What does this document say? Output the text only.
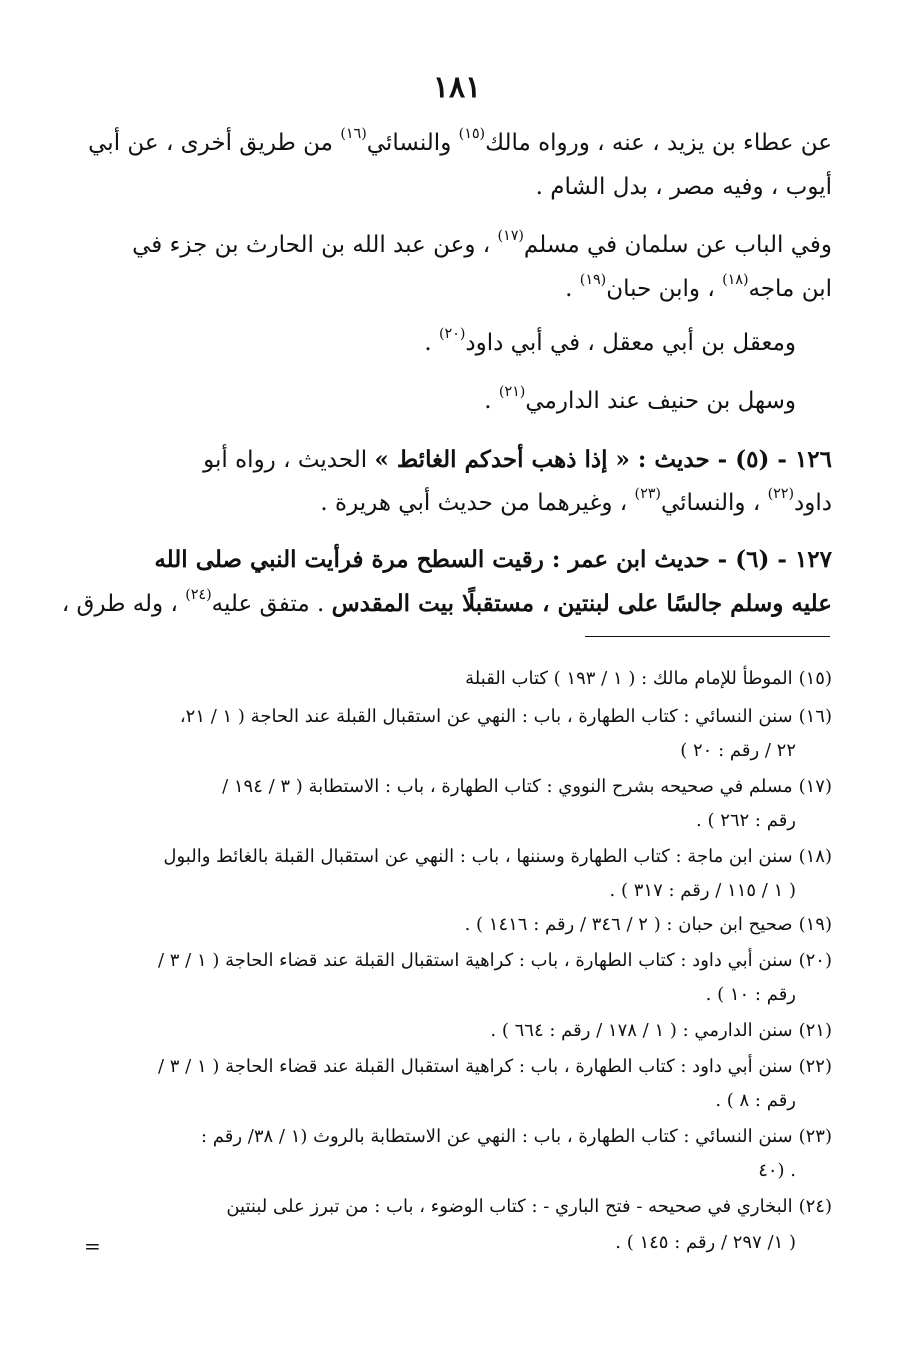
١٨١
عن عطاء بن يزيد ، عنه ، ورواه مالك$^{(١٥)}$ والنسائي$^{(١٦)}$ من طريق أخرى ، عن أبي
أيوب ، وفيه مصر ، بدل الشام .
وفي الباب عن سلمان في مسلم$^{(١٧)}$ ، وعن عبد الله بن الحارث بن جزء في
ابن ماجه$^{(١٨)}$ ، وابن حبان$^{(١٩)}$ .
ومعقل بن أبي معقل ، في أبي داود$^{(٢٠)}$ .
وسهل بن حنيف عند الدارمي$^{(٢١)}$ .
١٢٦ - (٥) - حديث : « إذا ذهب أحدكم الغائط » الحديث ، رواه أبو
داود$^{(٢٢)}$ ، والنسائي$^{(٢٣)}$ ، وغيرهما من حديث أبي هريرة .
١٢٧ - (٦) - حديث ابن عمر : رقيت السطح مرة فرأيت النبي صلى الله
عليه وسلم جالسًا على لبنتين ، مستقبلًا بيت المقدس . متفق عليه$^{(٢٤)}$ ، وله طرق ،
(١٥)الموطأ للإمام مالك : ( ١ / ١٩٣ ) كتاب القبلة
(١٦)سنن النسائي : كتاب الطهارة ، باب : النهي عن استقبال القبلة عند الحاجة ( ١ / ٢١،
٢٢ / رقم : ٢٠ )
(١٧)مسلم في صحيحه بشرح النووي : كتاب الطهارة ، باب : الاستطابة ( ٣ / ١٩٤ /
رقم : ٢٦٢ ) .
(١٨)سنن ابن ماجة : كتاب الطهارة وسننها ، باب : النهي عن استقبال القبلة بالغائط والبول
( ١ / ١١٥ / رقم : ٣١٧ ) .
(١٩)صحيح ابن حبان : ( ٢ / ٣٤٦ / رقم : ١٤١٦ ) .
(٢٠)سنن أبي داود : كتاب الطهارة ، باب : كراهية استقبال القبلة عند قضاء الحاجة ( ١ / ٣ /
رقم : ١٠ ) .
(٢١)سنن الدارمي : ( ١ / ١٧٨ / رقم : ٦٦٤ ) .
(٢٢)سنن أبي داود : كتاب الطهارة ، باب : كراهية استقبال القبلة عند قضاء الحاجة ( ١ / ٣ /
رقم : ٨ ) .
(٢٣)سنن النسائي : كتاب الطهارة ، باب : النهي عن الاستطابة بالروث (١ / ٣٨/ رقم :
٤٠) .
(٢٤)البخاري في صحيحه - فتح الباري - : كتاب الوضوء ، باب : من تبرز على لبنتين
( ١/ ٢٩٧ / رقم : ١٤٥ ) .
=
